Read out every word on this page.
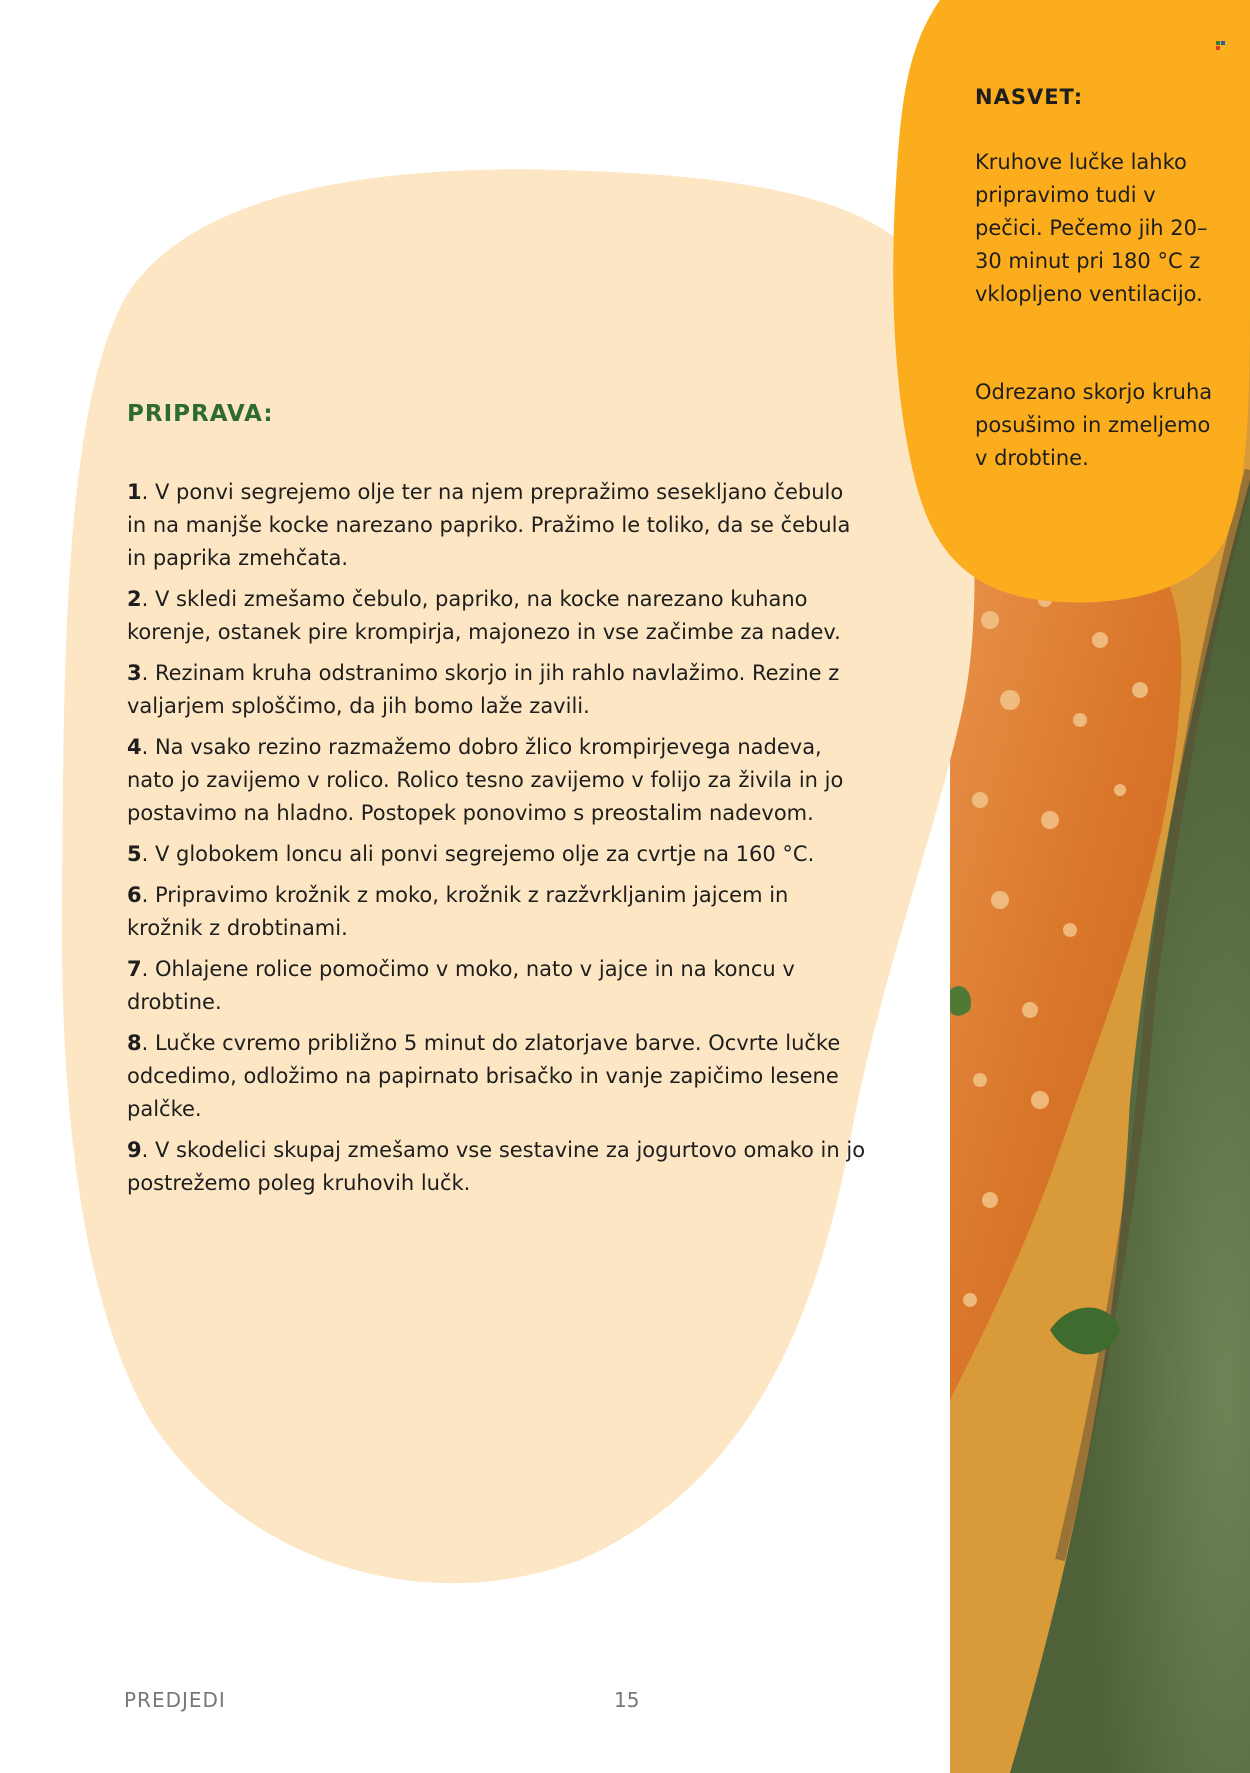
PRIPRAVA:
1. V ponvi segrejemo olje ter na njem prepražimo sesekljano čebulo in na manjše kocke narezano papriko. Pražimo le toliko, da se čebula in paprika zmehčata.
2. V skledi zmešamo čebulo, papriko, na kocke narezano kuhano korenje, ostanek pire krompirja, majonezo in vse začimbe za nadev.
3. Rezinam kruha odstranimo skorjo in jih rahlo navlažimo. Rezine z valjarjem sploščimo, da jih bomo laže zavili.
4. Na vsako rezino razmažemo dobro žlico krompirjevega nadeva, nato jo zavijemo v rolico. Rolico tesno zavijemo v folijo za živila in jo postavimo na hladno. Postopek ponovimo s preostalim nadevom.
5. V globokem loncu ali ponvi segrejemo olje za cvrtje na 160 °C.
6. Pripravimo krožnik z moko, krožnik z razžvrkljanim jajcem in krožnik z drobtinami.
7. Ohlajene rolice pomočimo v moko, nato v jajce in na koncu v drobtine.
8. Lučke cvremo približno 5 minut do zlatorjave barve. Ocvrte lučke odcedimo, odložimo na papirnato brisačko in vanje zapičimo lesene palčke.
9. V skodelici skupaj zmešamo vse sestavine za jogurtovo omako in jo postrežemo poleg kruhovih lučk.
NASVET:

Kruhove lučke lahko pripravimo tudi v pečici. Pečemo jih 20–30 minut pri 180 °C z vklopljeno ventilacijo.

Odrezano skorjo kruha posušimo in zmeljemo v drobtine.

PREDJEDI	15
